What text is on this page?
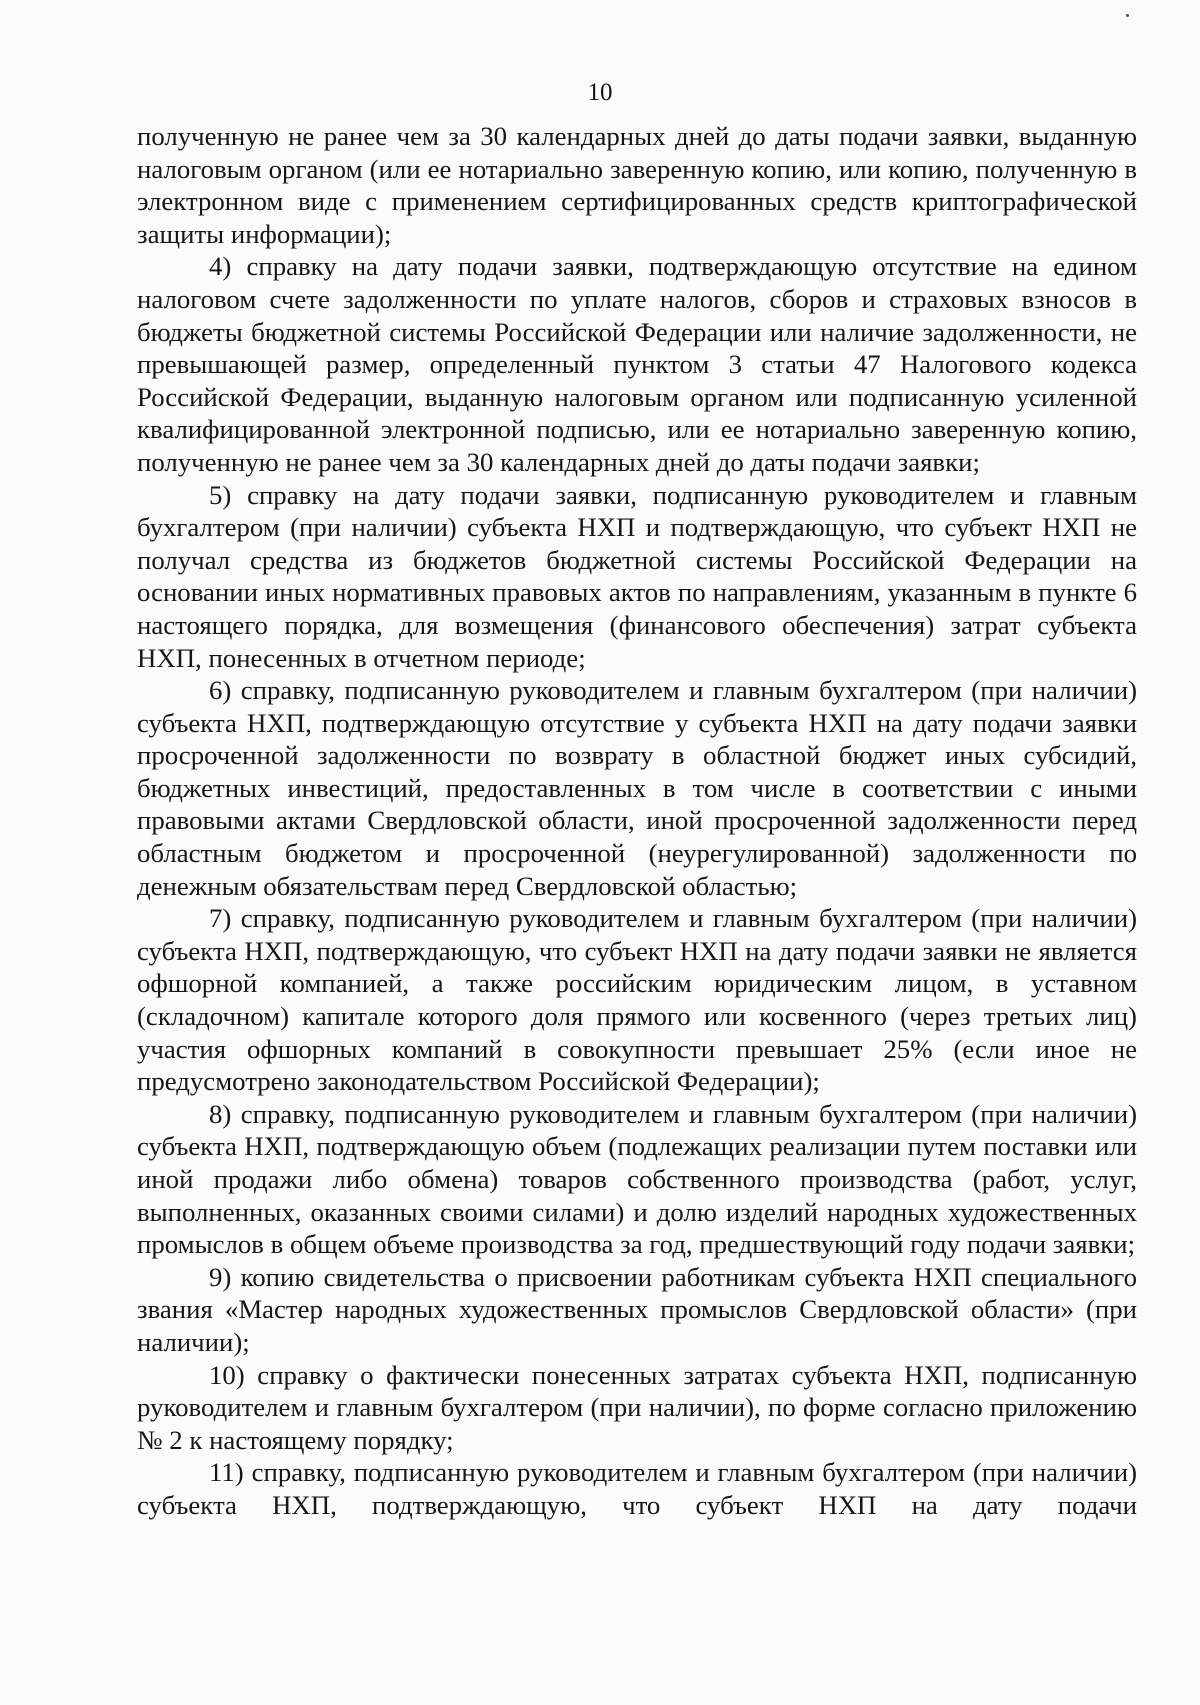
10

полученную не ранее чем за 30 календарных дней до даты подачи заявки, выданную налоговым органом (или ее нотариально заверенную копию, или копию, полученную в электронном виде с применением сертифицированных средств криптографической защиты информации);

4) справку на дату подачи заявки, подтверждающую отсутствие на едином налоговом счете задолженности по уплате налогов, сборов и страховых взносов в бюджеты бюджетной системы Российской Федерации или наличие задолженности, не превышающей размер, определенный пунктом 3 статьи 47 Налогового кодекса Российской Федерации, выданную налоговым органом или подписанную усиленной квалифицированной электронной подписью, или ее нотариально заверенную копию, полученную не ранее чем за 30 календарных дней до даты подачи заявки;

5) справку на дату подачи заявки, подписанную руководителем и главным бухгалтером (при наличии) субъекта НХП и подтверждающую, что субъект НХП не получал средства из бюджетов бюджетной системы Российской Федерации на основании иных нормативных правовых актов по направлениям, указанным в пункте 6 настоящего порядка, для возмещения (финансового обеспечения) затрат субъекта НХП, понесенных в отчетном периоде;

6) справку, подписанную руководителем и главным бухгалтером (при наличии) субъекта НХП, подтверждающую отсутствие у субъекта НХП на дату подачи заявки просроченной задолженности по возврату в областной бюджет иных субсидий, бюджетных инвестиций, предоставленных в том числе в соответствии с иными правовыми актами Свердловской области, иной просроченной задолженности перед областным бюджетом и просроченной (неурегулированной) задолженности по денежным обязательствам перед Свердловской областью;

7) справку, подписанную руководителем и главным бухгалтером (при наличии) субъекта НХП, подтверждающую, что субъект НХП на дату подачи заявки не является офшорной компанией, а также российским юридическим лицом, в уставном (складочном) капитале которого доля прямого или косвенного (через третьих лиц) участия офшорных компаний в совокупности превышает 25% (если иное не предусмотрено законодательством Российской Федерации);

8) справку, подписанную руководителем и главным бухгалтером (при наличии) субъекта НХП, подтверждающую объем (подлежащих реализации путем поставки или иной продажи либо обмена) товаров собственного производства (работ, услуг, выполненных, оказанных своими силами) и долю изделий народных художественных промыслов в общем объеме производства за год, предшествующий году подачи заявки;

9) копию свидетельства о присвоении работникам субъекта НХП специального звания «Мастер народных художественных промыслов Свердловской области» (при наличии);

10) справку о фактически понесенных затратах субъекта НХП, подписанную руководителем и главным бухгалтером (при наличии), по форме согласно приложению № 2 к настоящему порядку;

11) справку, подписанную руководителем и главным бухгалтером (при наличии) субъекта НХП, подтверждающую, что субъект НХП на дату подачи
